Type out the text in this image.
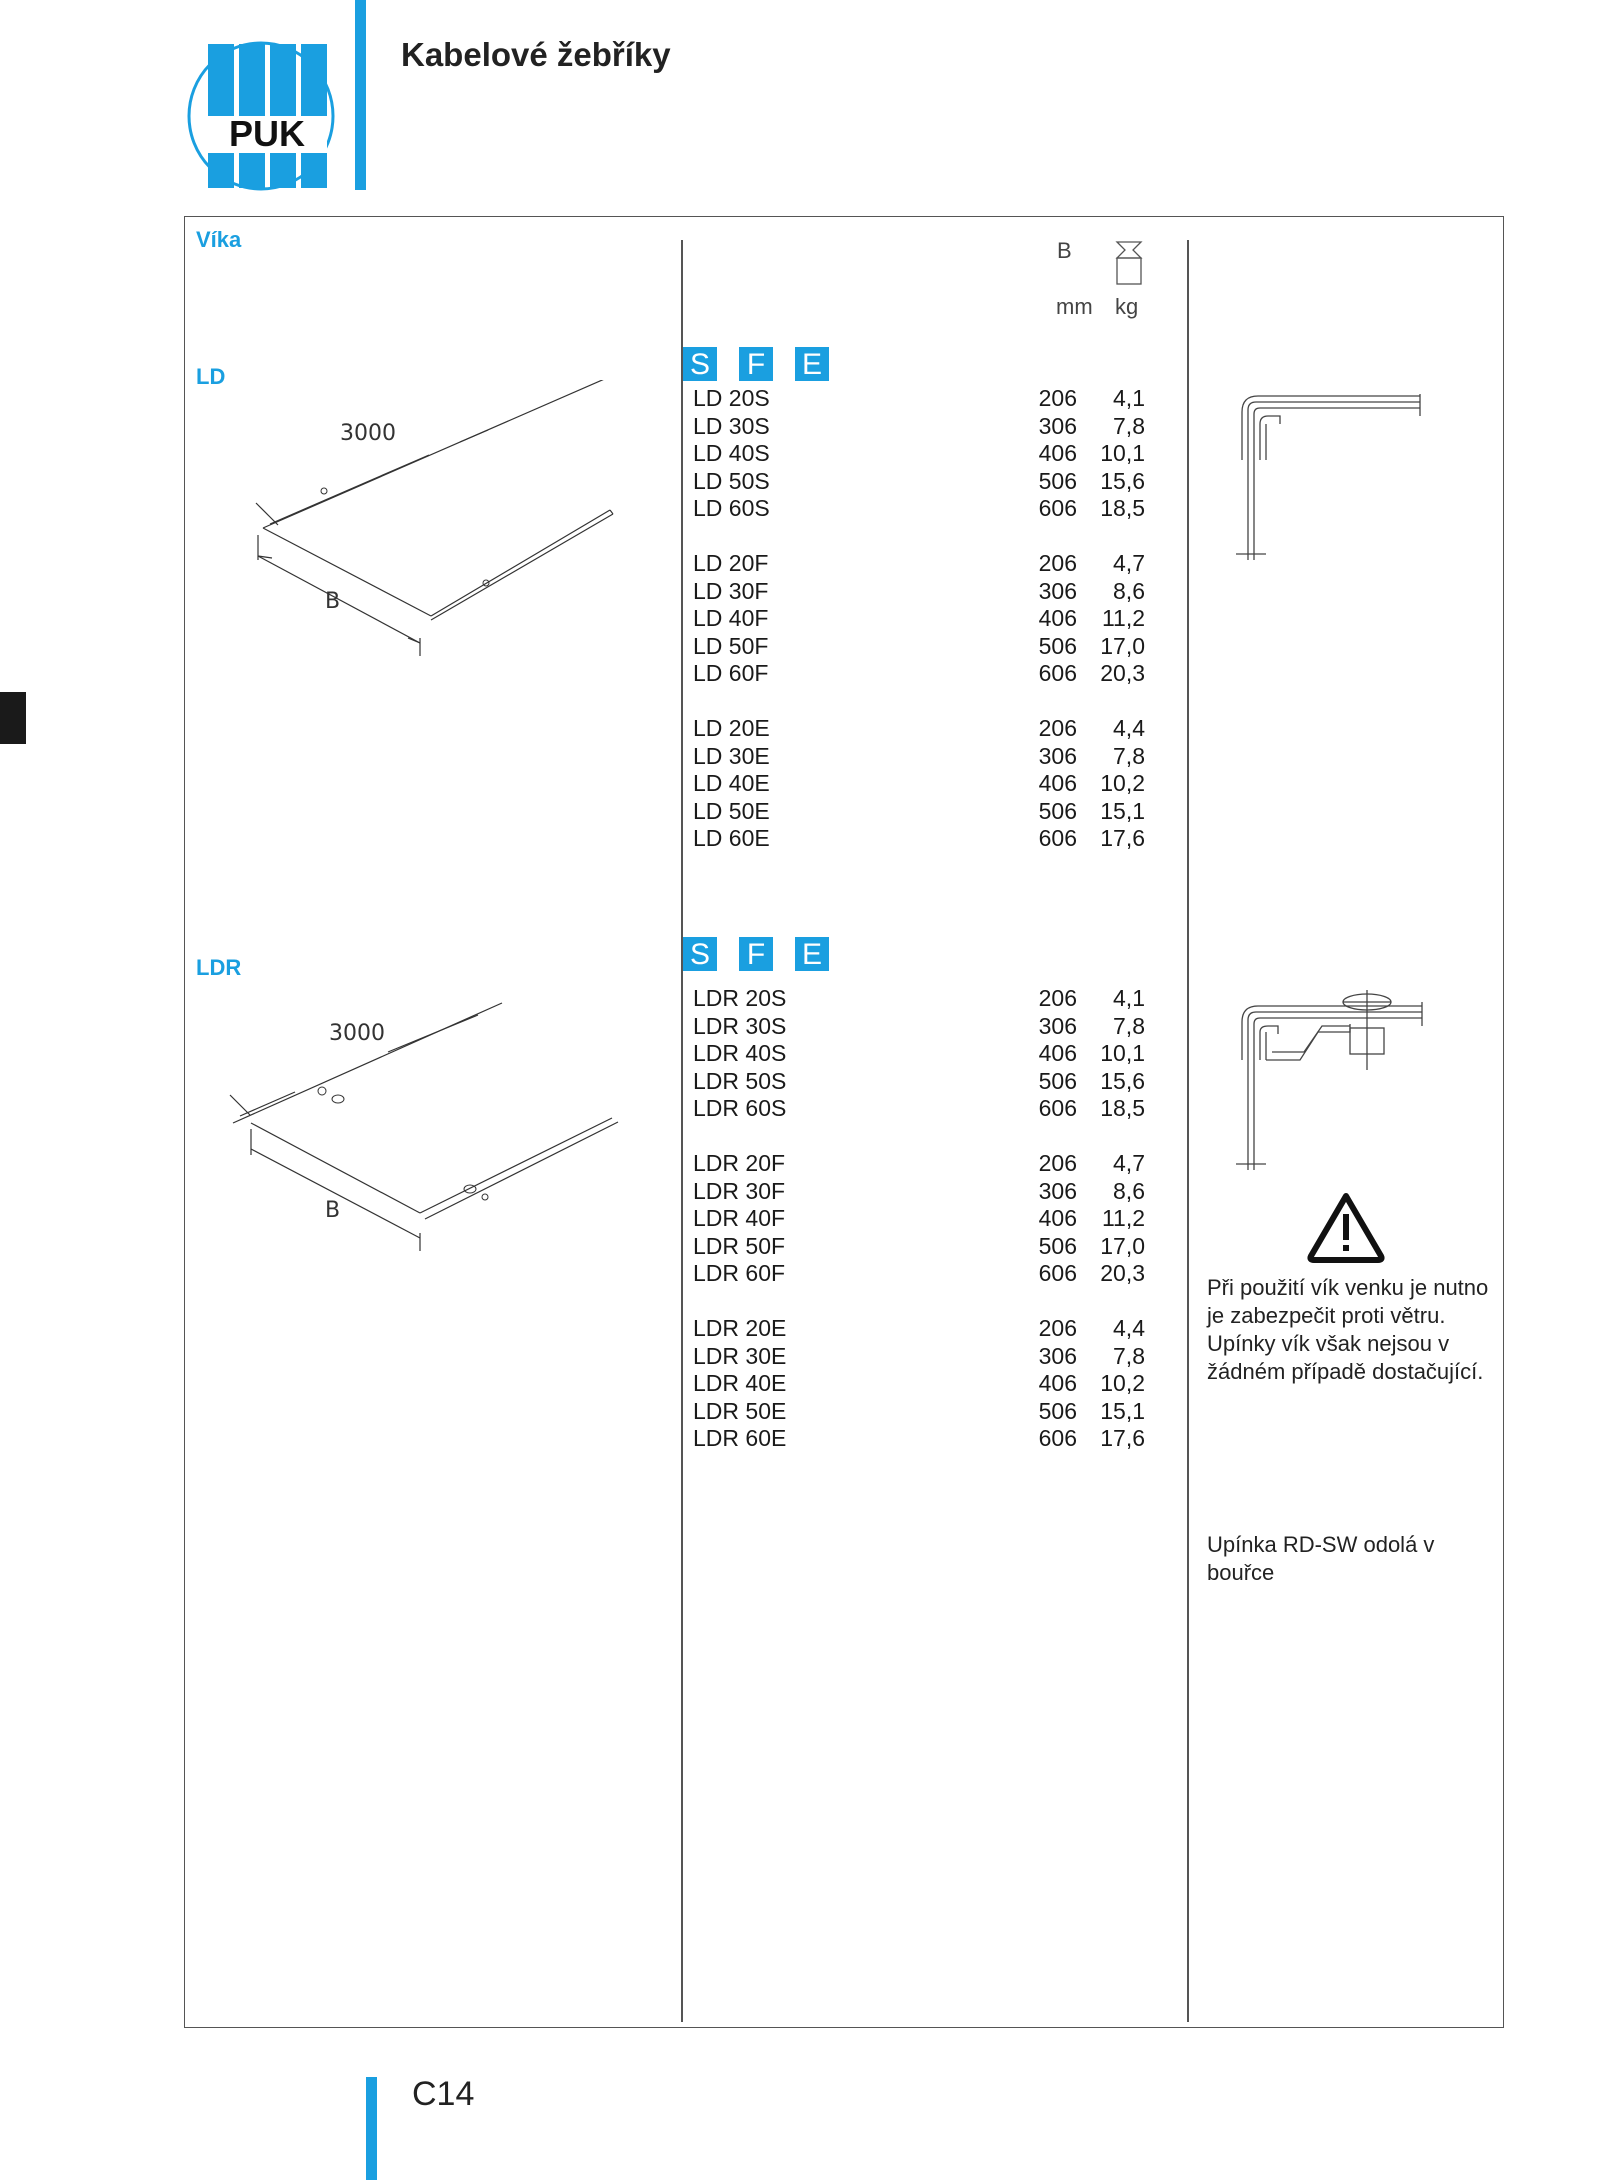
PUK
Kabelové žebříky
Víka
LD
LDR
B
mm kg
S F E
S F E
LD 20S	206 4,1
LD 30S	306 7,8
LD 40S	406 10,1
LD 50S	506 15,6
LD 60S	606 18,5
LD 20F	206 4,7
LD 30F	306 8,6
LD 40F	406 11,2
LD 50F	506 17,0
LD 60F	606 20,3
LD 20E	206 4,4
LD 30E	306 7,8
LD 40E	406 10,2
LD 50E	506 15,1
LD 60E	606 17,6
LDR 20S	206 4,1
LDR 30S	306 7,8
LDR 40S	406 10,1
LDR 50S	506 15,6
LDR 60S	606 18,5
LDR 20F	206 4,7
LDR 30F	306 8,6
LDR 40F	406 11,2
LDR 50F	506 17,0
LDR 60F	606 20,3
LDR 20E	206 4,4
LDR 30E	306 7,8
LDR 40E	406 10,2
LDR 50E	506 15,1
LDR 60E	606 17,6
3000
B
3000
B
Při použití vík venku je nutno je zabezpečit proti větru. Upínky vík však nejsou v žádném případě dostačující.
Upínka RD-SW odolá v bouřce
C14
